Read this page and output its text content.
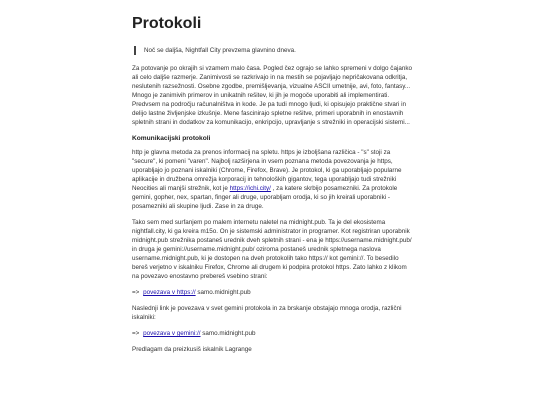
Protokoli
Noč se daljša, Nightfall City prevzema glavnino dneva.

Za potovanje po okrajih si vzamem malo časa. Pogled čez ograjo se lahko spremeni v dolgo čajanko ali celo daljše razmerje. Zanimivosti se razkrivajo in na mestih se pojavljajo nepričakovana odkritja, neslutenih razsežnosti. Osebne zgodbe, premišljevanja, vizualne ASCII umetnije, avi, foto, fantasy... Mnogo je zanimivih primerov in unikatnih rešitev, ki jih je mogoče uporabiti ali implementirati. Predvsem na področju računalništva in kode. Je pa tudi mnogo ljudi, ki opisujejo praktične stvari in delijo lastne življenjske izkušnje. Mene fascinirajo spletne rešitve, primeri uporabnih in enostavnih spletnih strani in dodatkov za komunikacijo, enkripcijo, upravljanje s strežniki in operacijski sistemi...

Komunikacijski protokoli

http je glavna metoda za prenos informacij na spletu. https je izboljšana različica - "s" stoji za "secure", ki pomeni "varen". Najbolj razširjena in vsem poznana metoda povezovanja je https, uporabljajo jo poznani iskalniki (Chrome, Firefox, Brave). Je protokol, ki ga uporabljajo popularne aplikacije in družbena omrežja korporacij in tehnoloških gigantov, tega uporabljajo tudi strežniki Neocities ali manjši strežnik, kot je https://ichi.city/ , za katere skrbijo posamezniki. Za protokole gemini, gopher, nex, spartan, finger ali druge, uporabljam orodja, ki so jih kreirali uporabniki - posamezniki ali skupine ljudi. Zase in za druge.

Tako sem med surfanjem po malem internetu naletel na midnight.pub. Ta je del ekosistema nightfall.city, ki ga kreira m15o. On je sistemski administrator in programer. Kot registriran uporabnik midnight.pub strežnika postaneš urednik dveh spletnih strani - ena je https://username.midnight.pub/ in druga je gemini://username.midnight.pub/ oziroma postaneš urednik spletnega naslova username.midnight.pub, ki je dostopen na dveh protokolih tako https:// kot gemini://. To besedilo bereš verjetno v iskalniku Firefox, Chrome ali drugem ki podpira protokol https. Zato lahko z klikom na povezavo enostavno prebereš vsebino strani:

=> povezava v https:// samo.midnight.pub

Naslednji link je povezava v svet gemini protokola in za brskanje obstajajo mnoga orodja, različni iskalniki:

=> povezava v gemini:// samo.midnight.pub

Predlagam da preizkusiš iskalnik Lagrange
